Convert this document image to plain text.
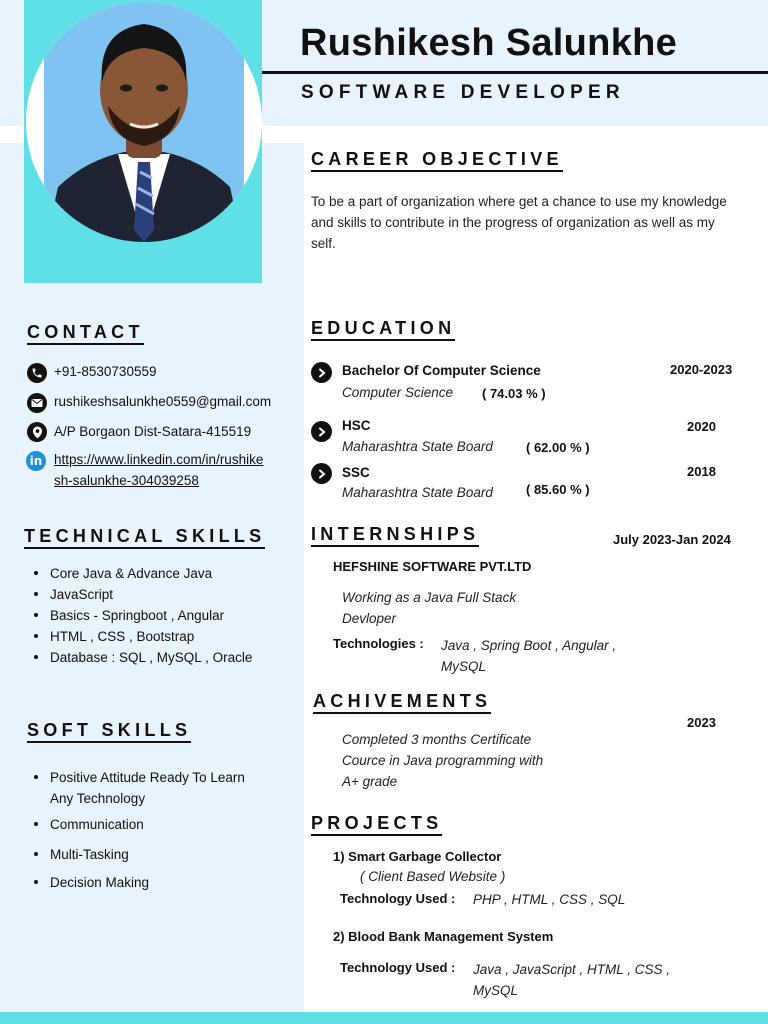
Rushikesh Salunkhe
SOFTWARE DEVELOPER
CAREER OBJECTIVE
To be a part of organization where get a chance to use my knowledge and skills to contribute in the progress of organization as well as my self.
CONTACT
+91-8530730559
rushikeshsalunkhe0559@gmail.com
A/P Borgaon Dist-Satara-415519
in https://www.linkedin.com/in/rushike
sh-salunkhe-304039258
TECHNICAL SKILLS
Core Java & Advance Java
JavaScript
Basics - Springboot , Angular
HTML , CSS , Bootstrap
Database : SQL , MySQL , Oracle
SOFT SKILLS
Positive Attitude Ready To Learn
Any Technology
Communication
Multi-Tasking
Decision Making
EDUCATION
Bachelor Of Computer Science
Computer Science ( 74.03 % )
2020-2023
HSC
Maharashtra State Board	( 62.00 % )
2020
SSC
Maharashtra State Board	( 85.60 % )
2018
INTERNSHIPS	July 2023-Jan 2024
HEFSHINE SOFTWARE PVT.LTD
Working as a Java Full Stack
Devloper
Technologies : Java , Spring Boot , Angular ,
MySQL
ACHIVEMENTS
2023
Completed 3 months Certificate
Cource in Java programming with
A+ grade
PROJECTS
1) Smart Garbage Collector
( Client Based Website )
Technology Used : PHP , HTML , CSS , SQL
2) Blood Bank Management System
Technology Used : Java , JavaScript , HTML , CSS ,
MySQL
